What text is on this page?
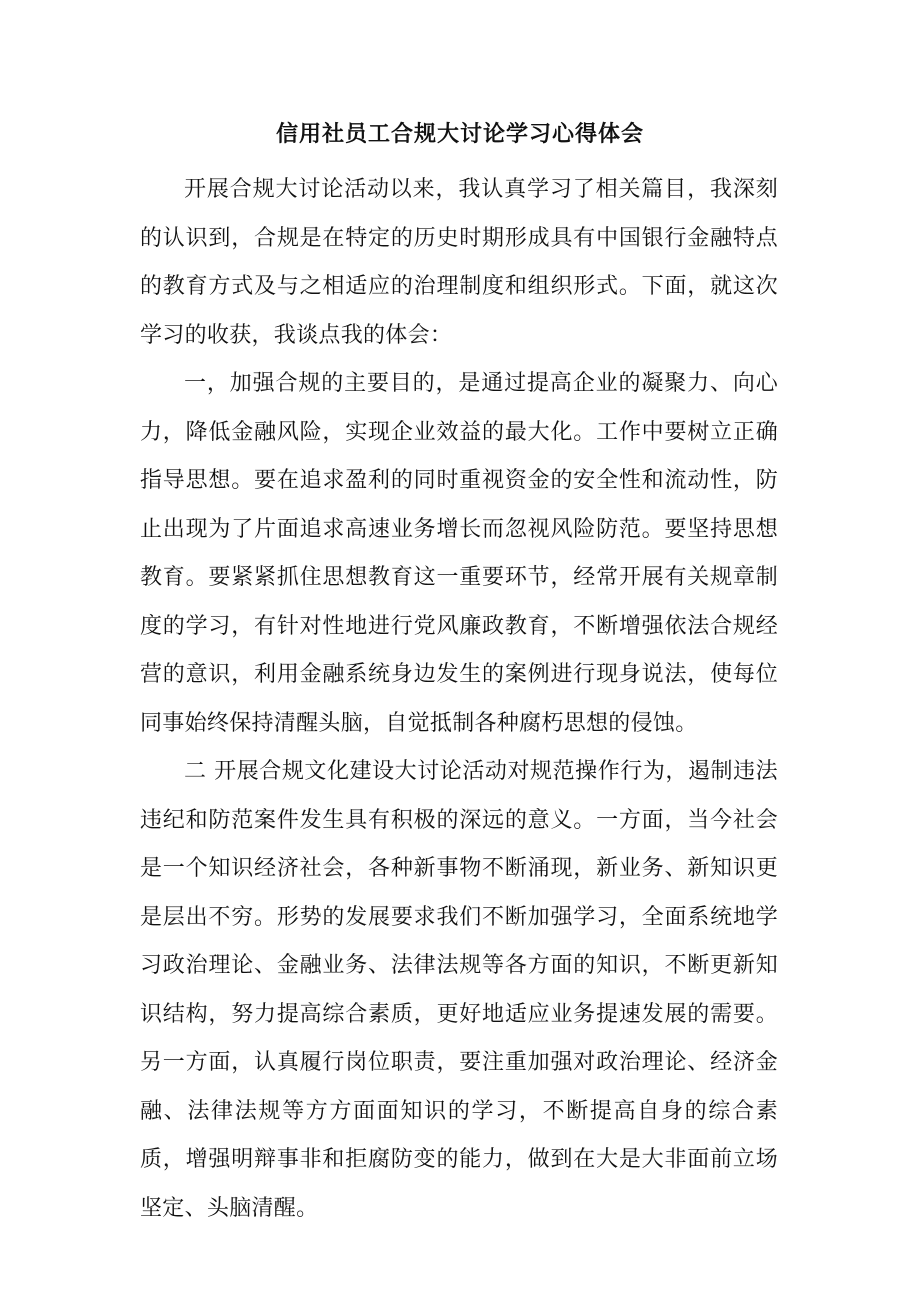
信用社员工合规大讨论学习心得体会

开展合规大讨论活动以来，我认真学习了相关篇目，我深刻的认识到，合规是在特定的历史时期形成具有中国银行金融特点的教育方式及与之相适应的治理制度和组织形式。下面，就这次学习的收获，我谈点我的体会：

一，加强合规的主要目的，是通过提高企业的凝聚力、向心力，降低金融风险，实现企业效益的最大化。工作中要树立正确指导思想。要在追求盈利的同时重视资金的安全性和流动性，防止出现为了片面追求高速业务增长而忽视风险防范。要坚持思想教育。要紧紧抓住思想教育这一重要环节，经常开展有关规章制度的学习，有针对性地进行党风廉政教育，不断增强依法合规经营的意识，利用金融系统身边发生的案例进行现身说法，使每位同事始终保持清醒头脑，自觉抵制各种腐朽思想的侵蚀。

二 开展合规文化建设大讨论活动对规范操作行为，遏制违法违纪和防范案件发生具有积极的深远的意义。一方面，当今社会是一个知识经济社会，各种新事物不断涌现，新业务、新知识更是层出不穷。形势的发展要求我们不断加强学习，全面系统地学习政治理论、金融业务、法律法规等各方面的知识，不断更新知识结构，努力提高综合素质，更好地适应业务提速发展的需要。另一方面，认真履行岗位职责，要注重加强对政治理论、经济金融、法律法规等方方面面知识的学习，不断提高自身的综合素质，增强明辩事非和拒腐防变的能力，做到在大是大非面前立场坚定、头脑清醒。
